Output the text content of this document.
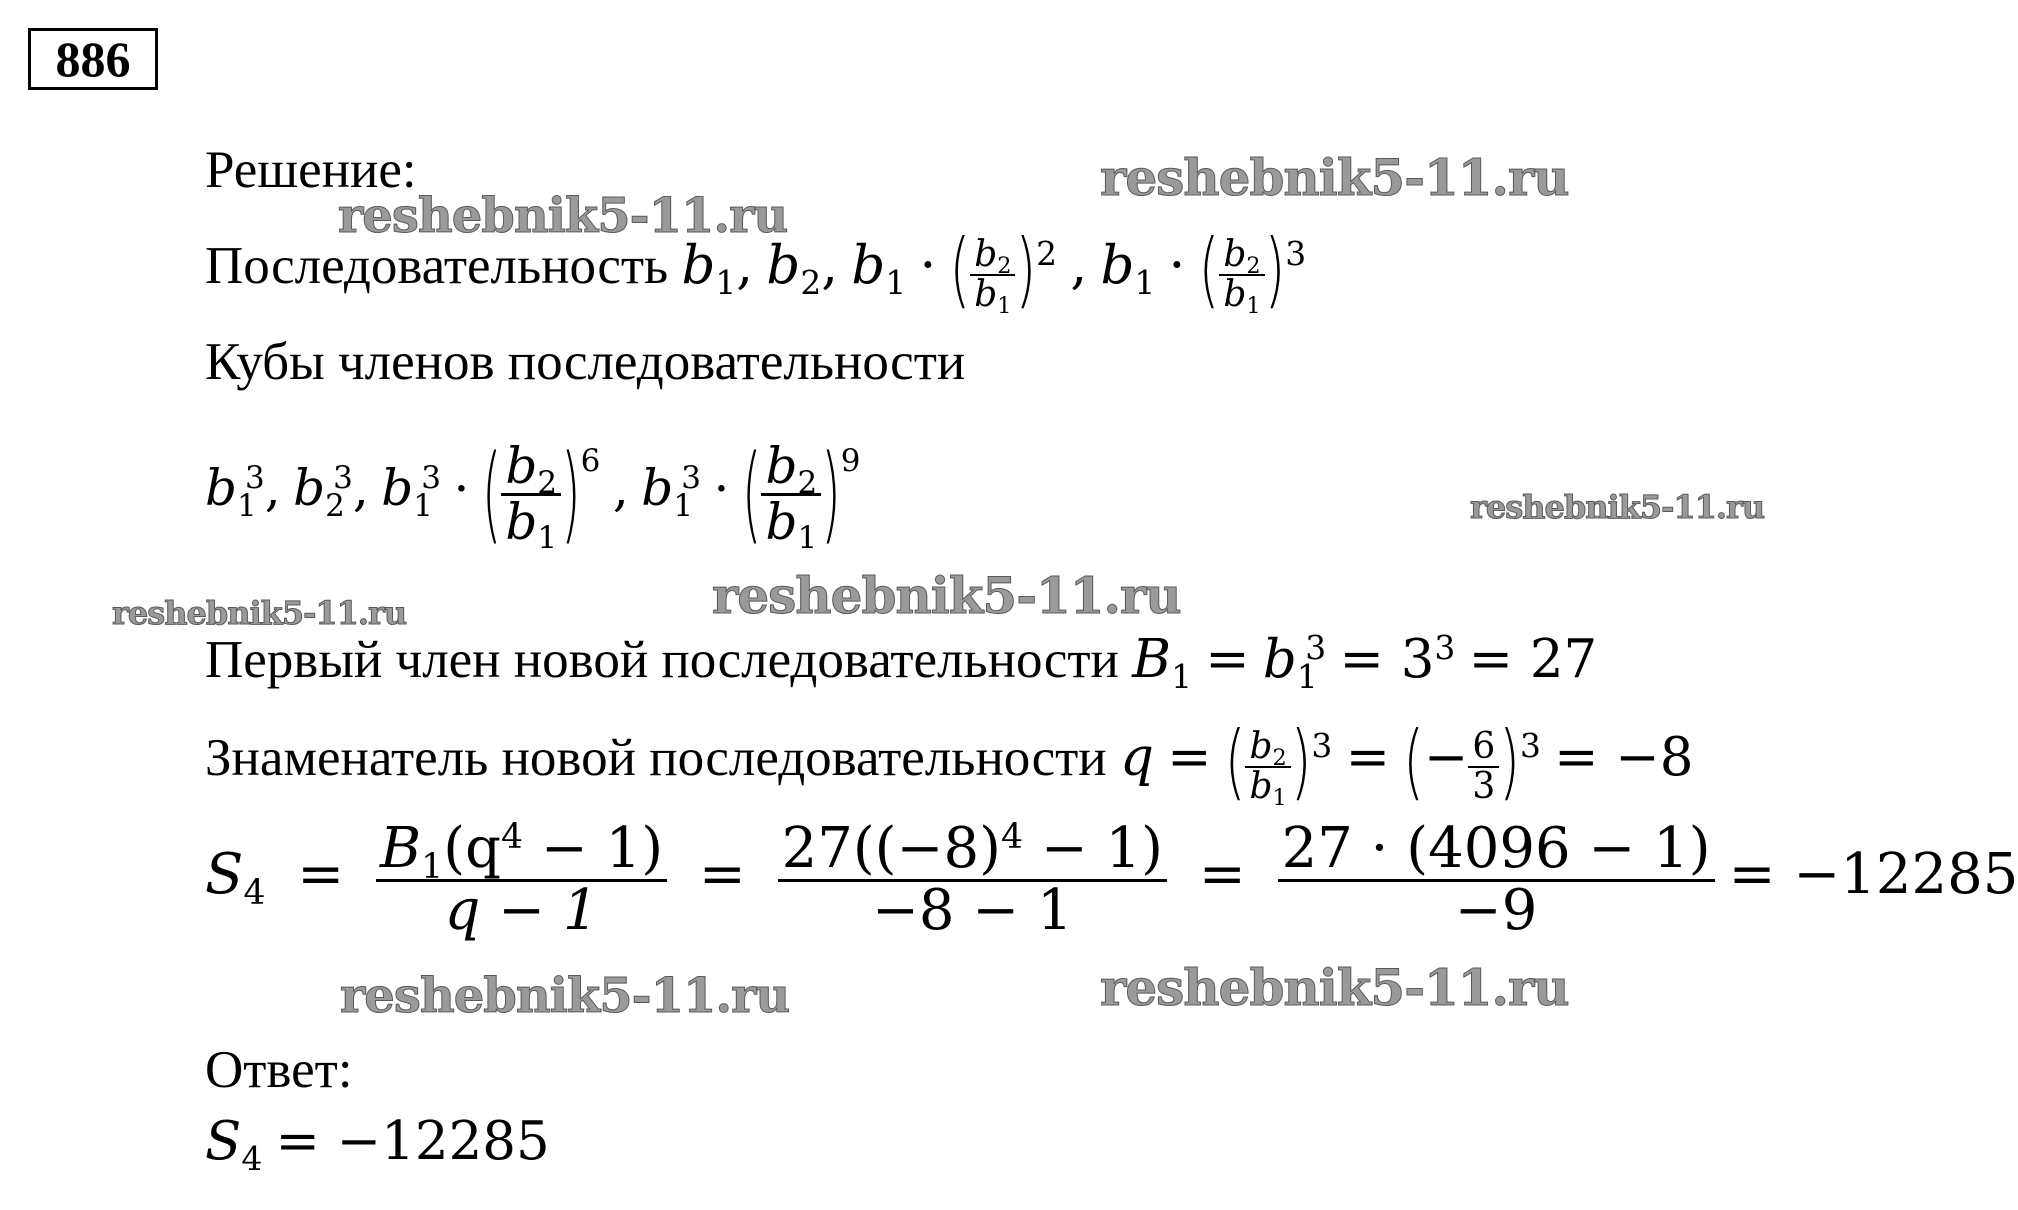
886
Решение:
Последовательность $b_1$, $b_2$, $b_1$ · ( $\frac{b_2}{b_1} )^2$ , $b_1$ · ( $\frac{b_2}{b_1} )^3$
Кубы членов последовательности
$b_1^3$, $b_2^3$, $b_1^3$ · ( $\frac{b_2}{b_1} )^6$ , $b_1^3$ · ( $\frac{b_2}{b_1} )^9$
Первый член новой последовательности $B_1 = b_1^3 = 3^3 = 27$
Знаменатель новой последовательности q = ( $\frac{b_2}{b_1} )^3$ = (− $\frac{6}{3} )^3 = -8$
$S_4 = \frac{B_1(q^4 - 1)}{q - 1} = \frac{27((-8)^4 - 1)}{-8 - 1} = \frac{27 \cdot (4096 - 1)}{-9} = -12285$
Ответ:
$S_4 = -12285$
reshebnik5-11.ru
reshebnik5-11.ru
reshebnik5-11.ru
reshebnik5-11.ru	reshebnik5-11.ru
reshebnik5-11.ru	reshebnik5-11.ru
